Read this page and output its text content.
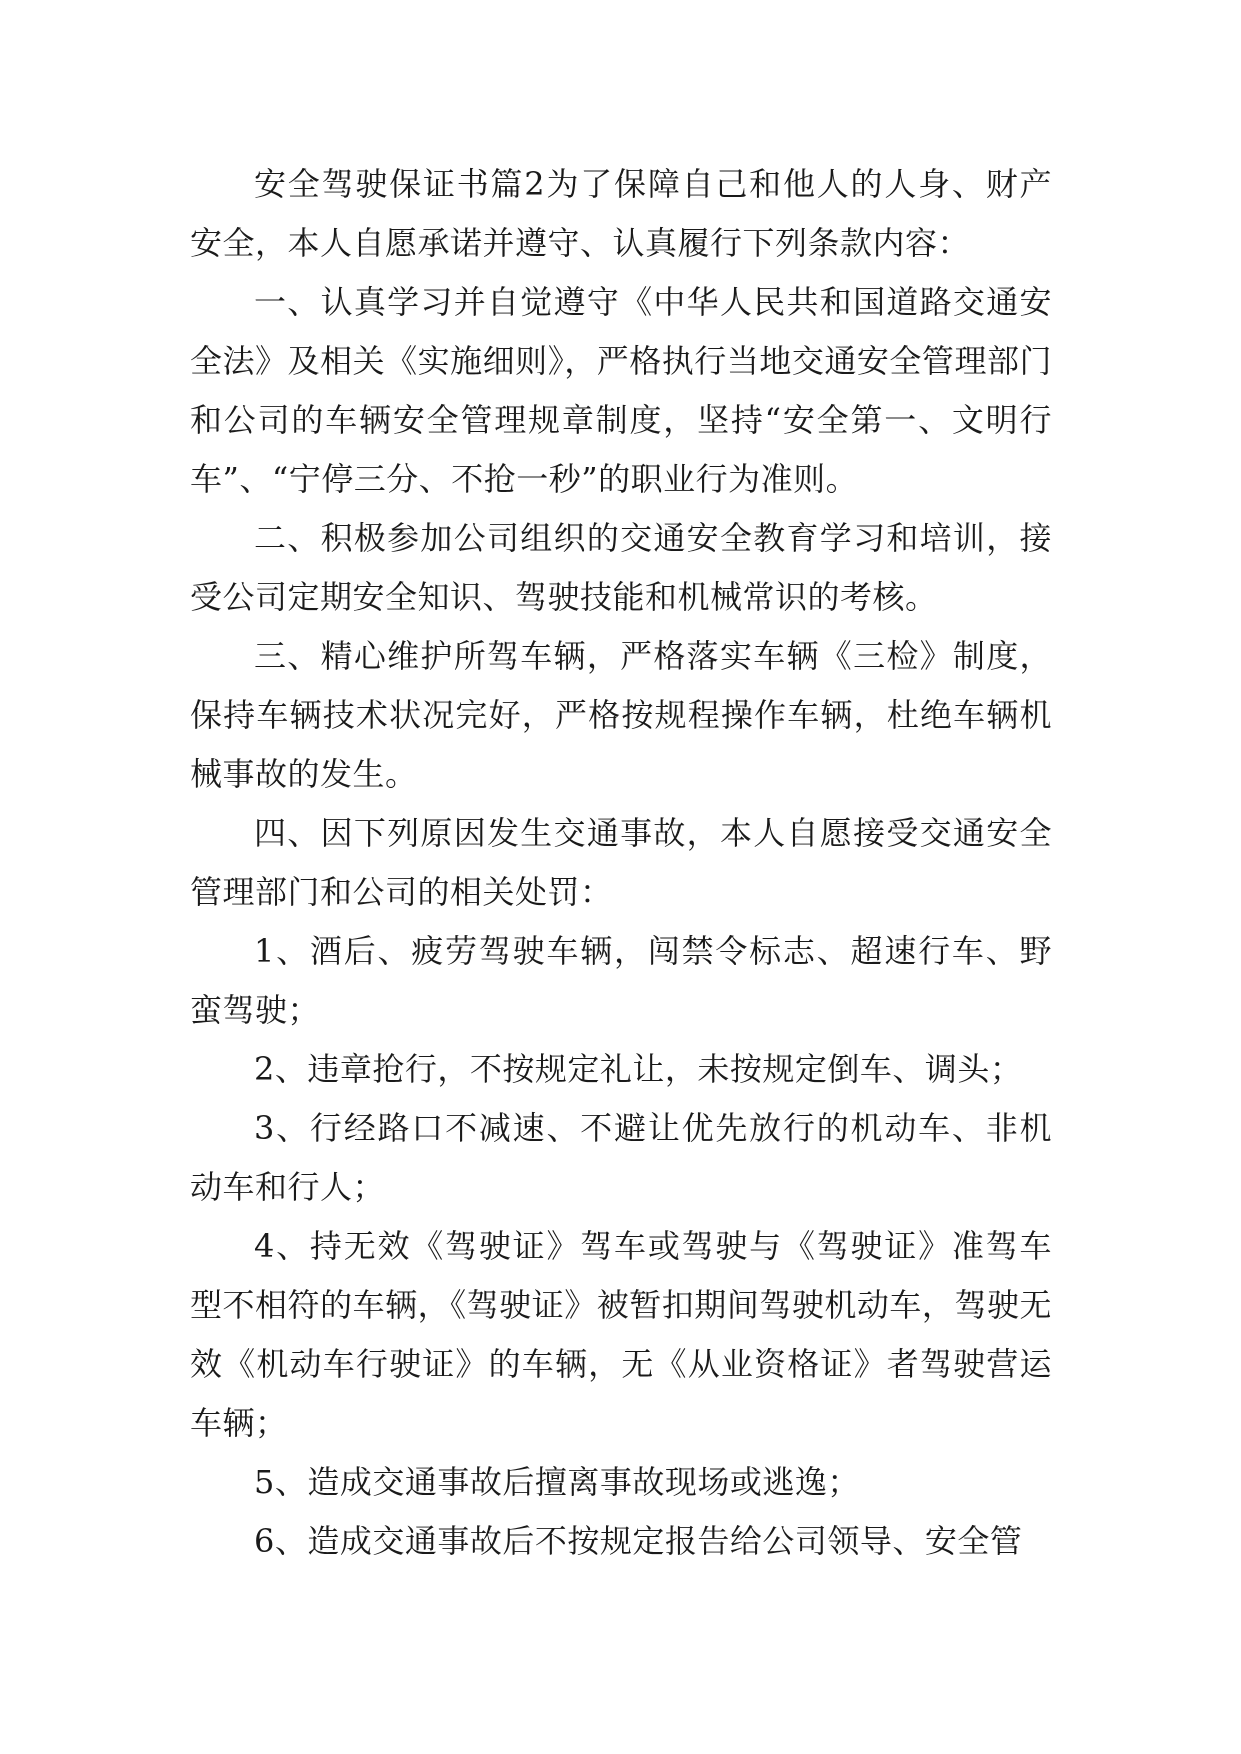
安全驾驶保证书篇2为了保障自己和他人的人身、财产安全，本人自愿承诺并遵守、认真履行下列条款内容：

一、认真学习并自觉遵守《中华人民共和国道路交通安全法》及相关《实施细则》，严格执行当地交通安全管理部门和公司的车辆安全管理规章制度，坚持“安全第一、文明行车”、“宁停三分、不抢一秒”的职业行为准则。

二、积极参加公司组织的交通安全教育学习和培训，接受公司定期安全知识、驾驶技能和机械常识的考核。

三、精心维护所驾车辆，严格落实车辆《三检》制度，保持车辆技术状况完好，严格按规程操作车辆，杜绝车辆机械事故的发生。

四、因下列原因发生交通事故，本人自愿接受交通安全管理部门和公司的相关处罚：

1、酒后、疲劳驾驶车辆，闯禁令标志、超速行车、野蛮驾驶；

2、违章抢行，不按规定礼让，未按规定倒车、调头；

3、行经路口不减速、不避让优先放行的机动车、非机动车和行人；

4、持无效《驾驶证》驾车或驾驶与《驾驶证》准驾车型不相符的车辆，《驾驶证》被暂扣期间驾驶机动车，驾驶无效《机动车行驶证》的车辆，无《从业资格证》者驾驶营运车辆；

5、造成交通事故后擅离事故现场或逃逸；

6、造成交通事故后不按规定报告给公司领导、安全管
